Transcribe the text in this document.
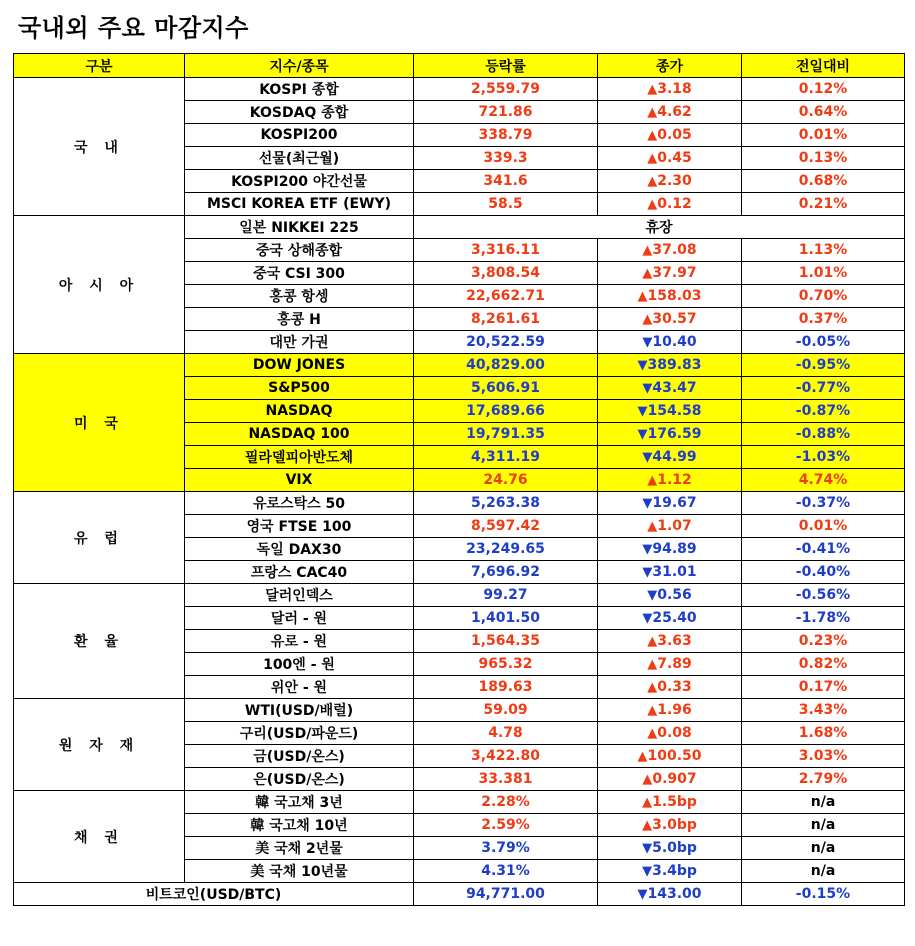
국내외 주요 마감지수
구분	지수/종목	등락률	종가	전일대비
국 내	KOSPI 종합	2,559.79	▲3.18	0.12%
	KOSDAQ 종합	721.86	▲4.62	0.64%
	KOSPI200	338.79	▲0.05	0.01%
	선물(최근월)	339.3	▲0.45	0.13%
	KOSPI200 야간선물	341.6	▲2.30	0.68%
	MSCI KOREA ETF (EWY)	58.5	▲0.12	0.21%
아 시 아	일본 NIKKEI 225	휴장		
	중국 상해종합	3,316.11	▲37.08	1.13%
	중국 CSI 300	3,808.54	▲37.97	1.01%
	홍콩 항셍	22,662.71	▲158.03	0.70%
	홍콩 H	8,261.61	▲30.57	0.37%
	대만 가권	20,522.59	▼10.40	-0.05%
미 국	DOW JONES	40,829.00	▼389.83	-0.95%
	S&P500	5,606.91	▼43.47	-0.77%
	NASDAQ	17,689.66	▼154.58	-0.87%
	NASDAQ 100	19,791.35	▼176.59	-0.88%
	필라델피아반도체	4,311.19	▼44.99	-1.03%
	VIX	24.76	▲1.12	4.74%
유 럽	유로스탁스 50	5,263.38	▼19.67	-0.37%
	영국 FTSE 100	8,597.42	▲1.07	0.01%
	독일 DAX30	23,249.65	▼94.89	-0.41%
	프랑스 CAC40	7,696.92	▼31.01	-0.40%
환 율	달러인덱스	99.27	▼0.56	-0.56%
	달러 - 원	1,401.50	▼25.40	-1.78%
	유로 - 원	1,564.35	▲3.63	0.23%
	100엔 - 원	965.32	▲7.89	0.82%
	위안 - 원	189.63	▲0.33	0.17%
원 자 재	WTI(USD/배럴)	59.09	▲1.96	3.43%
	구리(USD/파운드)	4.78	▲0.08	1.68%
	금(USD/온스)	3,422.80	▲100.50	3.03%
	은(USD/온스)	33.381	▲0.907	2.79%
채 권	韓 국고채 3년	2.28%	▲1.5bp	n/a
	韓 국고채 10년	2.59%	▲3.0bp	n/a
	美 국채 2년물	3.79%	▼5.0bp	n/a
	美 국채 10년물	4.31%	▼3.4bp	n/a
비트코인(USD/BTC)		94,771.00	▼143.00	-0.15%
